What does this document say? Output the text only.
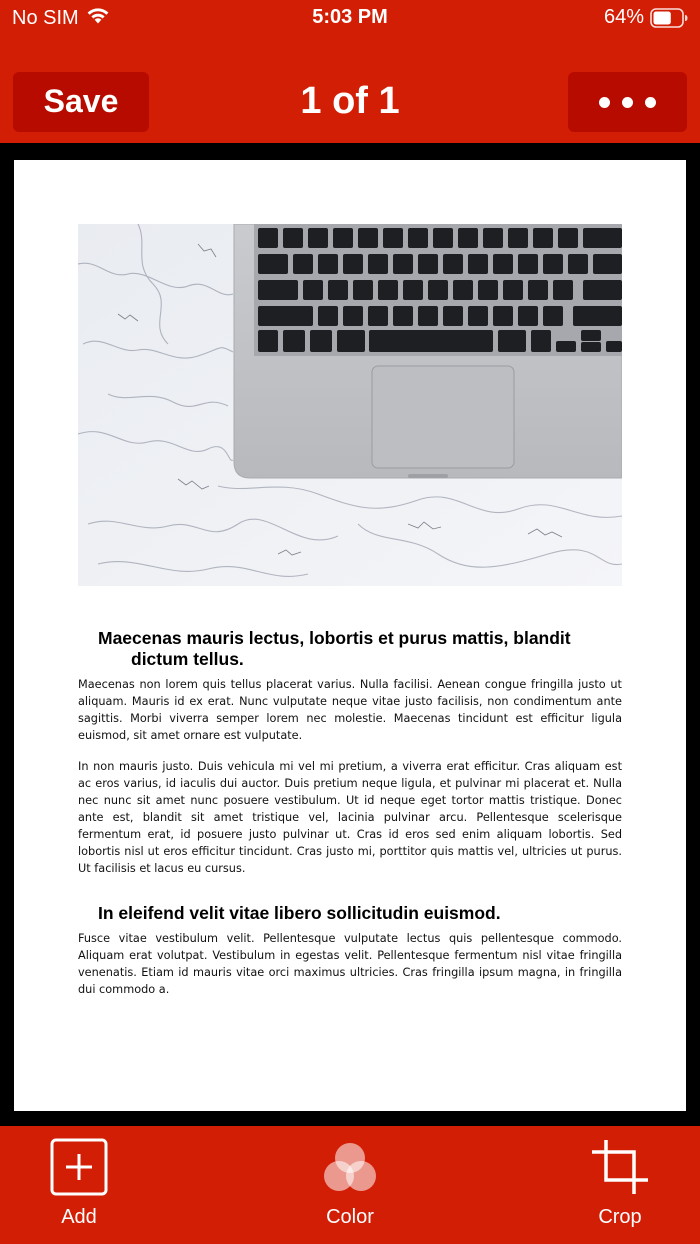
No SIM	5:03 PM	64%
Save	1 of 1
Maecenas mauris lectus, lobortis et purus mattis, blandit
dictum tellus.

Maecenas non lorem quis tellus placerat varius. Nulla facilisi. Aenean congue fringilla justo ut aliquam. Mauris id ex erat. Nunc vulputate neque vitae justo facilisis, non condimentum ante sagittis. Morbi viverra semper lorem nec molestie. Maecenas tincidunt est efficitur ligula euismod, sit amet ornare est vulputate.

In non mauris justo. Duis vehicula mi vel mi pretium, a viverra erat efficitur. Cras aliquam est ac eros varius, id iaculis dui auctor. Duis pretium neque ligula, et pulvinar mi placerat et. Nulla nec nunc sit amet nunc posuere vestibulum. Ut id neque eget tortor mattis tristique. Donec ante est, blandit sit amet tristique vel, lacinia pulvinar arcu. Pellentesque scelerisque fermentum erat, id posuere justo pulvinar ut. Cras id eros sed enim aliquam lobortis. Sed lobortis nisl ut eros efficitur tincidunt. Cras justo mi, porttitor quis mattis vel, ultricies ut purus. Ut facilisis et lacus eu cursus.

In eleifend velit vitae libero sollicitudin euismod.

Fusce vitae vestibulum velit. Pellentesque vulputate lectus quis pellentesque commodo. Aliquam erat volutpat. Vestibulum in egestas velit. Pellentesque fermentum nisl vitae fringilla venenatis. Etiam id mauris vitae orci maximus ultricies. Cras fringilla ipsum magna, in fringilla dui commodo a.

Add	Color	Crop
